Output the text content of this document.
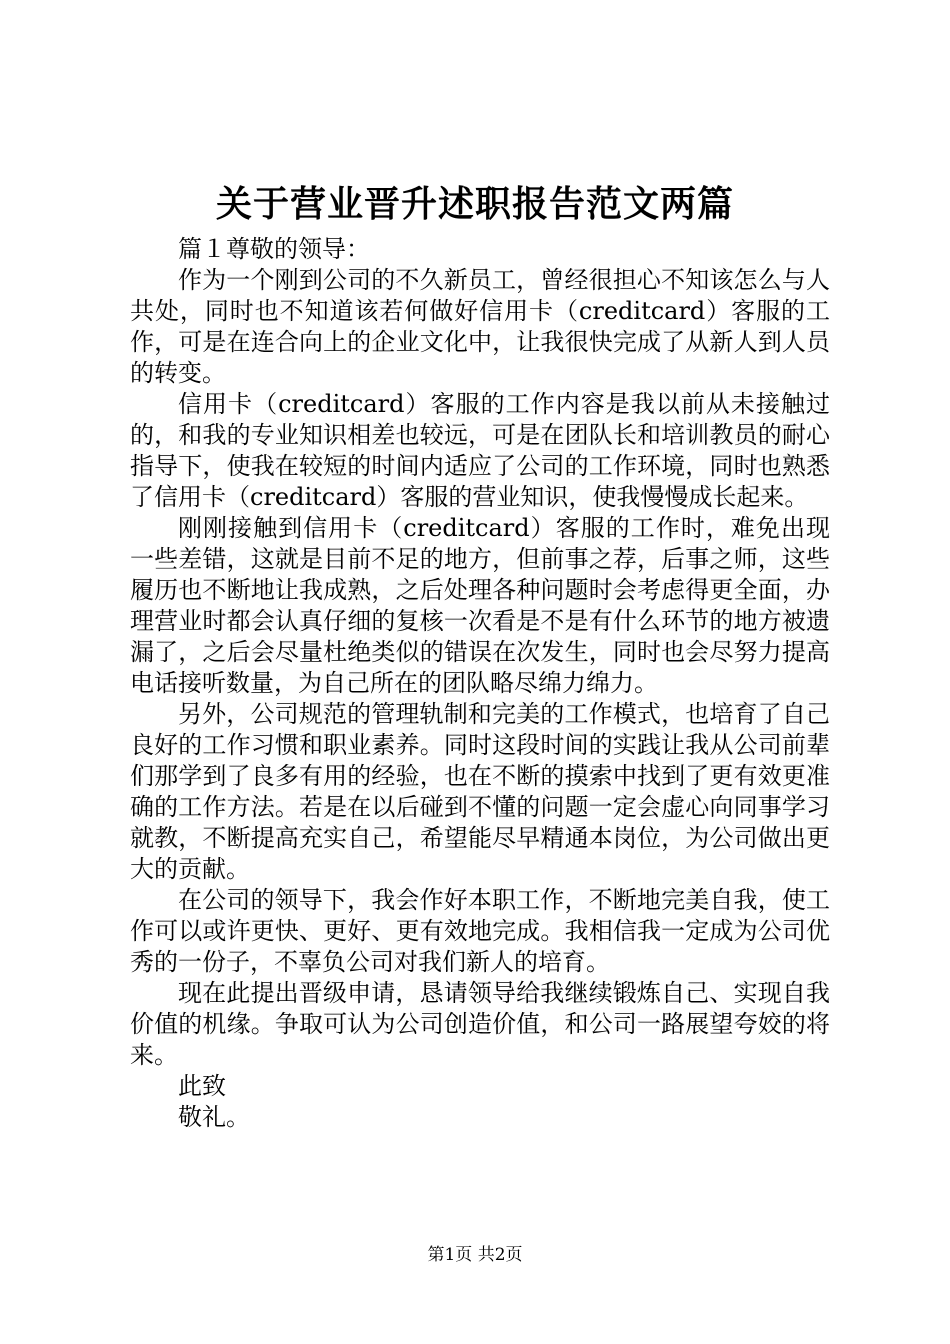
关于营业晋升述职报告范文两篇

篇１尊敬的领导：

作为一个刚到公司的不久新员工，曾经很担心不知该怎么与人共处，同时也不知道该若何做好信用卡（creditcard）客服的工作，可是在连合向上的企业文化中，让我很快完成了从新人到人员的转变。

信用卡（creditcard）客服的工作内容是我以前从未接触过的，和我的专业知识相差也较远，可是在团队长和培训教员的耐心指导下，使我在较短的时间内适应了公司的工作环境，同时也熟悉了信用卡（creditcard）客服的营业知识，使我慢慢成长起来。

刚刚接触到信用卡（creditcard）客服的工作时，难免出现一些差错，这就是目前不足的地方，但前事之荐，后事之师，这些履历也不断地让我成熟，之后处理各种问题时会考虑得更全面，办理营业时都会认真仔细的复核一次看是不是有什么环节的地方被遗漏了，之后会尽量杜绝类似的错误在次发生，同时也会尽努力提高电话接听数量，为自己所在的团队略尽绵力绵力。

另外，公司规范的管理轨制和完美的工作模式，也培育了自己良好的工作习惯和职业素养。同时这段时间的实践让我从公司前辈们那学到了良多有用的经验，也在不断的摸索中找到了更有效更准确的工作方法。若是在以后碰到不懂的问题一定会虚心向同事学习就教，不断提高充实自己，希望能尽早精通本岗位，为公司做出更大的贡献。

在公司的领导下，我会作好本职工作，不断地完美自我，使工作可以或许更快、更好、更有效地完成。我相信我一定成为公司优秀的一份子，不辜负公司对我们新人的培育。

现在此提出晋级申请，恳请领导给我继续锻炼自己、实现自我价值的机缘。争取可认为公司创造价值，和公司一路展望夸姣的将来。

此致

敬礼。

第1页 共2页
